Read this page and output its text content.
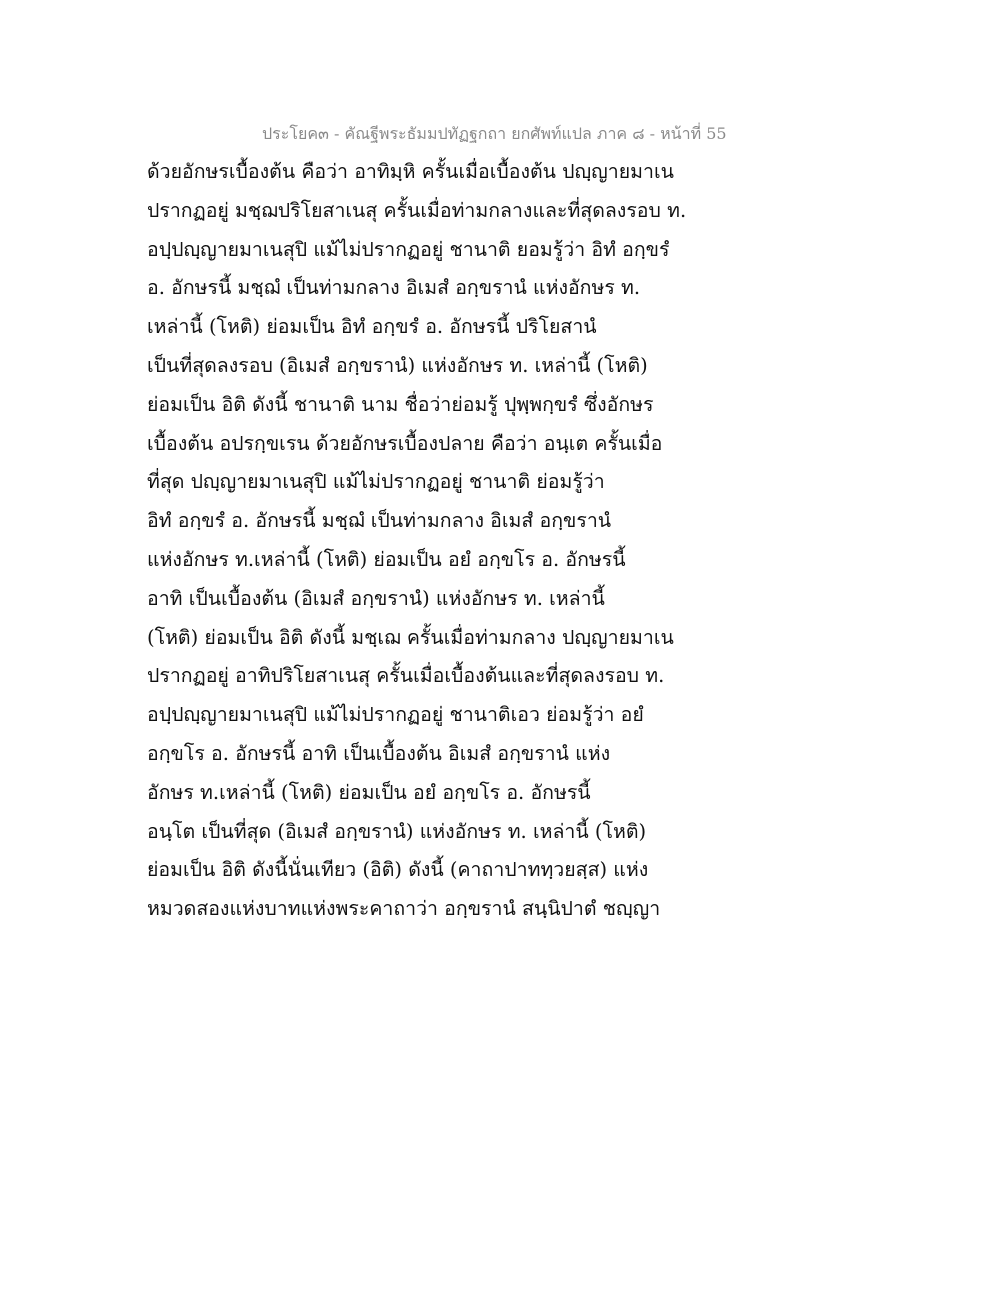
ประโยค๓ - คัณฐีพระธัมมปทัฏฐกถา ยกศัพท์แปล ภาค ๘ - หน้าที่ 55
ด้วยอักษรเบื้องต้น คือว่า อาทิมฺหิ ครั้นเมื่อเบื้องต้น ปญฺญายมาเน
ปรากฏอยู่ มชฺฌปริโยสาเนสุ ครั้นเมื่อท่ามกลางและที่สุดลงรอบ ท.
อปฺปญฺญายมาเนสุปิ แม้ไม่ปรากฏอยู่ ชานาติ ยอมรู้ว่า อิทํ อกฺขรํ
อ. อักษรนี้ มชฺฌํ เป็นท่ามกลาง อิเมสํ อกฺขรานํ แห่งอักษร ท.
เหล่านี้ (โหติ) ย่อมเป็น อิทํ อกฺขรํ อ. อักษรนี้ ปริโยสานํ
เป็นที่สุดลงรอบ (อิเมสํ อกฺขรานํ) แห่งอักษร ท. เหล่านี้ (โหติ)
ย่อมเป็น อิติ ดังนี้ ชานาติ นาม ชื่อว่าย่อมรู้ ปุพฺพกฺขรํ ซึ่งอักษร
เบื้องต้น อปรกฺขเรน ด้วยอักษรเบื้องปลาย คือว่า อนฺเต ครั้นเมื่อ
ที่สุด ปญฺญายมาเนสุปิ แม้ไม่ปรากฏอยู่ ชานาติ ย่อมรู้ว่า
อิทํ อกฺขรํ อ. อักษรนี้ มชฺฌํ เป็นท่ามกลาง อิเมสํ อกฺขรานํ
แห่งอักษร ท.เหล่านี้ (โหติ) ย่อมเป็น อยํ อกฺขโร อ. อักษรนี้
อาทิ เป็นเบื้องต้น (อิเมสํ อกฺขรานํ) แห่งอักษร ท. เหล่านี้
(โหติ) ย่อมเป็น อิติ ดังนี้ มชฺเฌ ครั้นเมื่อท่ามกลาง ปญฺญายมาเน
ปรากฏอยู่ อาทิปริโยสาเนสุ ครั้นเมื่อเบื้องต้นและที่สุดลงรอบ ท.
อปฺปญฺญายมาเนสุปิ แม้ไม่ปรากฏอยู่ ชานาติเอว ย่อมรู้ว่า อยํ
อกฺขโร อ. อักษรนี้ อาทิ เป็นเบื้องต้น อิเมสํ อกฺขรานํ แห่ง
อักษร ท.เหล่านี้ (โหติ) ย่อมเป็น อยํ อกฺขโร อ. อักษรนี้
อนฺโต เป็นที่สุด (อิเมสํ อกฺขรานํ) แห่งอักษร ท. เหล่านี้ (โหติ)
ย่อมเป็น อิติ ดังนี้นั่นเทียว (อิติ) ดังนี้ (คาถาปาททฺวยสฺส) แห่ง
หมวดสองแห่งบาทแห่งพระคาถาว่า อกฺขรานํ สนฺนิปาตํ ชญฺญา
